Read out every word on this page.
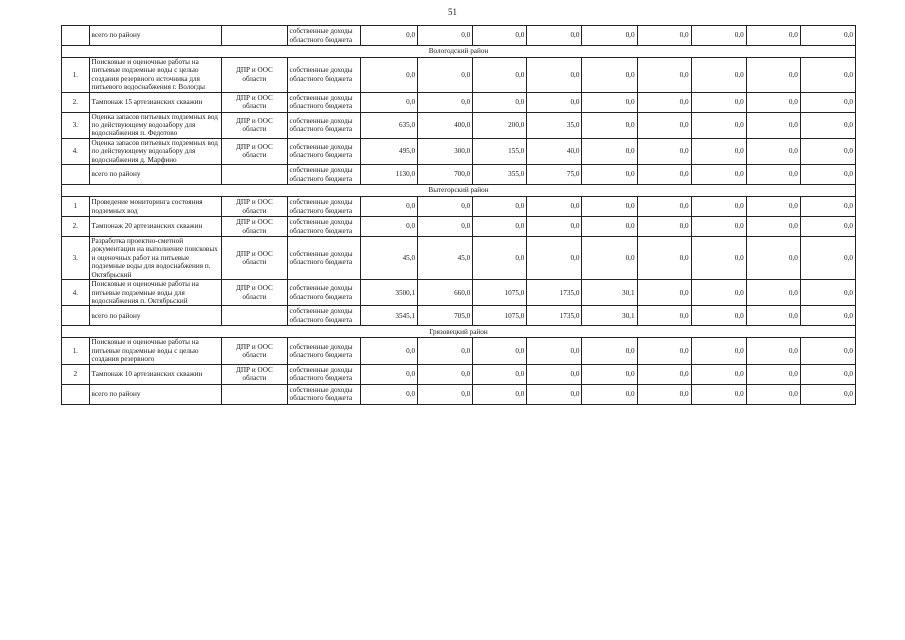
51
	всего по району		собственные доходы областного бюджета	0,0	0,0	0,0	0,0	0,0	0,0	0,0	0,0	0,0
Вологодский район												
1.	Поисковые и оценочные работы на питьевые подземные воды с целью создания резервного источника для питьевого водоснабжения г. Вологды	ДПР и ООС области	собственные доходы областного бюджета	0,0	0,0	0,0	0,0	0,0	0,0	0,0	0,0	0,0
2.	Тампонаж 15 артезианских скважин	ДПР и ООС области	собственные доходы областного бюджета	0,0	0,0	0,0	0,0	0,0	0,0	0,0	0,0	0,0
3.	Оценка запасов питьевых подземных вод по действующему водозабору для водоснабжения п. Федотово	ДПР и ООС области	собственные доходы областного бюджета	635,0	400,0	200,0	35,0	0,0	0,0	0,0	0,0	0,0
4.	Оценка запасов питьевых подземных вод по действующему водозабору для водоснабжения д. Марфино	ДПР и ООС области	собственные доходы областного бюджета	495,0	300,0	155,0	40,0	0,0	0,0	0,0	0,0	0,0
	всего по району		собственные доходы областного бюджета	1130,0	700,0	355,0	75,0	0,0	0,0	0,0	0,0	0,0
Вытегорский район												
1	Проведение мониторинга состояния подземных вод	ДПР и ООС области	собственные доходы областного бюджета	0,0	0,0	0,0	0,0	0,0	0,0	0,0	0,0	0,0
2.	Тампонаж 20 артезианских скважин	ДПР и ООС области	собственные доходы областного бюджета	0,0	0,0	0,0	0,0	0,0	0,0	0,0	0,0	0,0
3.	Разработка проектно-сметной документации на выполнение поисковых и оценочных работ на питьевые подземные воды для водоснабжения п. Октябрьский	ДПР и ООС области	собственные доходы областного бюджета	45,0	45,0	0,0	0,0	0,0	0,0	0,0	0,0	0,0
4.	Поисковые и оценочные работы на питьевые подземные воды для водоснабжения п. Октябрьский	ДПР и ООС области	собственные доходы областного бюджета	3500,1	660,0	1075,0	1735,0	30,1	0,0	0,0	0,0	0,0
	всего по району		собственные доходы областного бюджета	3545,1	705,0	1075,0	1735,0	30,1	0,0	0,0	0,0	0,0
Грязовецкий район												
1.	Поисковые и оценочные работы на питьевые подземные воды с целью создания резервного	ДПР и ООС области	собственные доходы областного бюджета	0,0	0,0	0,0	0,0	0,0	0,0	0,0	0,0	0,0
2	Тампонаж 10 артезианских скважин	ДПР и ООС области	собственные доходы областного бюджета	0,0	0,0	0,0	0,0	0,0	0,0	0,0	0,0	0,0
	всего по району		собственные доходы областного бюджета	0,0	0,0	0,0	0,0	0,0	0,0	0,0	0,0	0,0
